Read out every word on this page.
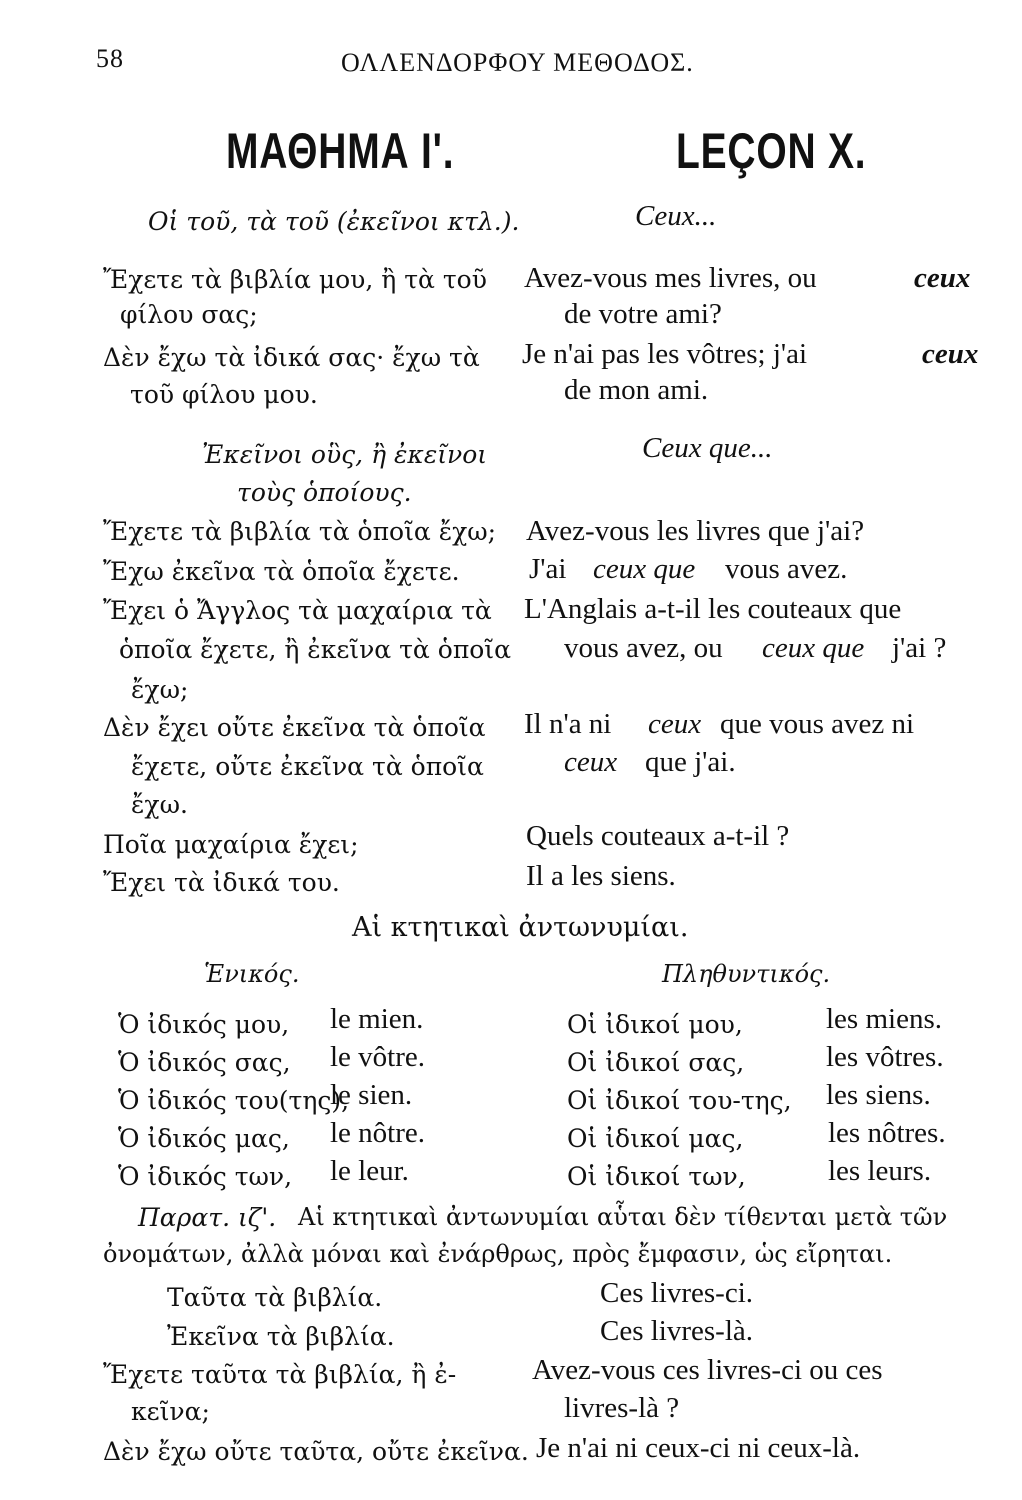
58	ΟΛΛΕΝΔΟΡΦΟΥ ΜΕΘΟΔΟΣ.
ΜΑΘΗΜΑ Ι'.	LEÇON X.
Οἱ τοῦ, τὰ τοῦ (ἐκεῖνοι κτλ.).	Ceux...
Ἔχετε τὰ βιβλία μου, ἢ τὰ τοῦ
φίλου σας;
Δὲν ἔχω τὰ ἰδικά σας· ἔχω τὰ
τοῦ φίλου μου.
Avez-vous mes livres, ou	ceux
de votre ami?
Je n'ai pas les vôtres; j'ai	ceux
de mon ami.
Ἐκεῖνοι οὓς, ἢ ἐκεῖνοι
τοὺς ὁποίους.
Ceux que...
Ἔχετε τὰ βιβλία τὰ ὁποῖα ἔχω;
Ἔχω ἐκεῖνα τὰ ὁποῖα ἔχετε.
Ἔχει ὁ Ἄγγλος τὰ μαχαίρια τὰ
ὁποῖα ἔχετε, ἢ ἐκεῖνα τὰ ὁποῖα
ἔχω;
Δὲν ἔχει οὔτε ἐκεῖνα τὰ ὁποῖα
ἔχετε, οὔτε ἐκεῖνα τὰ ὁποῖα
ἔχω.
Ποῖα μαχαίρια ἔχει;
Ἔχει τὰ ἰδικά του.
Avez-vous les livres que j'ai?
J'ai ceux que vous avez.
L'Anglais a-t-il les couteaux que
vous avez, ou ceux que j'ai ?
Il n'a ni ceux que vous avez ni
ceux que j'ai.
Quels couteaux a-t-il ?
Il a les siens.
Αἱ κτητικαὶ ἀντωνυμίαι.
Ἑνικός.	Πληθυντικός.
Ὁ ἰδικός μου, le mien.
Ὁ ἰδικός σας, le vôtre.
Ὁ ἰδικός του(της),
le sien.
Ὁ ἰδικός μας, le nôtre.
Ὁ ἰδικός των, le leur.
Οἱ ἰδικοί μου,	les miens.
Οἱ ἰδικοί σας,	les vôtres.
Οἱ ἰδικοί του-της, les siens.
Οἱ ἰδικοί μας,	les nôtres.
Οἱ ἰδικοί των,	les leurs.
Παρατ. ιζ'. Αἱ κτητικαὶ ἀντωνυμίαι αὗται δὲν τίθενται μετὰ τῶν
ὀνομάτων, ἀλλὰ μόναι καὶ ἐνάρθρως, πρὸς ἔμφασιν, ὡς εἴρηται.
Ταῦτα τὰ βιβλία.
Ἐκεῖνα τὰ βιβλία.
Ἔχετε ταῦτα τὰ βιβλία, ἢ ἐ-
κεῖνα;
Δὲν ἔχω οὔτε ταῦτα, οὔτε ἐκεῖνα.
Ces livres-ci.
Ces livres-là.
Avez-vous ces livres-ci ou ces
livres-là ?
Je n'ai ni ceux-ci ni ceux-là.
